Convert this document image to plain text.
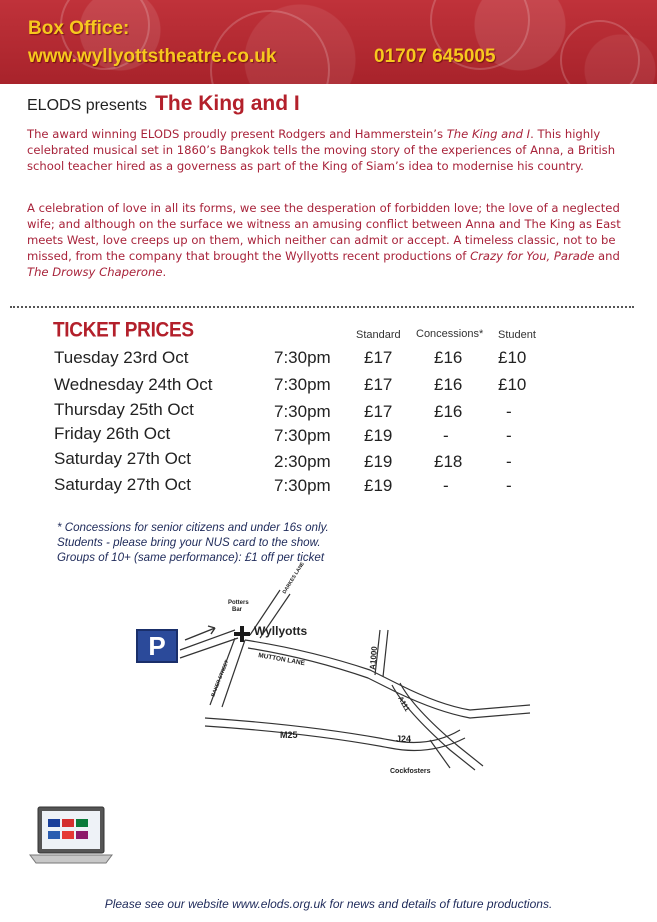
Box Office:
www.wyllyottstheatre.co.uk	01707 645005
ELODS presents The King and I
The award winning ELODS proudly present Rodgers and Hammerstein’s The King and I. This highly celebrated musical set in 1860’s Bangkok tells the moving story of the experiences of Anna, a British school teacher hired as a governess as part of the King of Siam’s idea to modernise his country.
A celebration of love in all its forms, we see the desperation of forbidden love; the love of a neglected wife; and although on the surface we witness an amusing conflict between Anna and The King as East meets West, love creeps up on them, which neither can admit or accept. A timeless classic, not to be missed, from the company that brought the Wyllyotts recent productions of Crazy for You, Parade and The Drowsy Chaperone.
TICKET PRICES	Standard Concessions* Student
Tuesday 23rd Oct	7:30pm £17 £16 £10
Wednesday 24th Oct	7:30pm £17 £16 £10
Thursday 25th Oct	7:30pm £17 £16	-
Friday 26th Oct	7:30pm £19	-	-
Saturday 27th Oct	2:30pm £19 £18	-
Saturday 27th Oct	7:30pm £19	-	-
* Concessions for senior citizens and under 16s only.
Students - please bring your NUS card to the show.
Groups of 10+ (same performance): £1 off per ticket
P
Potters
Bar
DARKES LANE
Wyllyotts
MUTTON LANE
BAKER STREET
A1000
A111
M25	J24
Cockfosters
Please see our website www.elods.org.uk for news and details of future productions.
